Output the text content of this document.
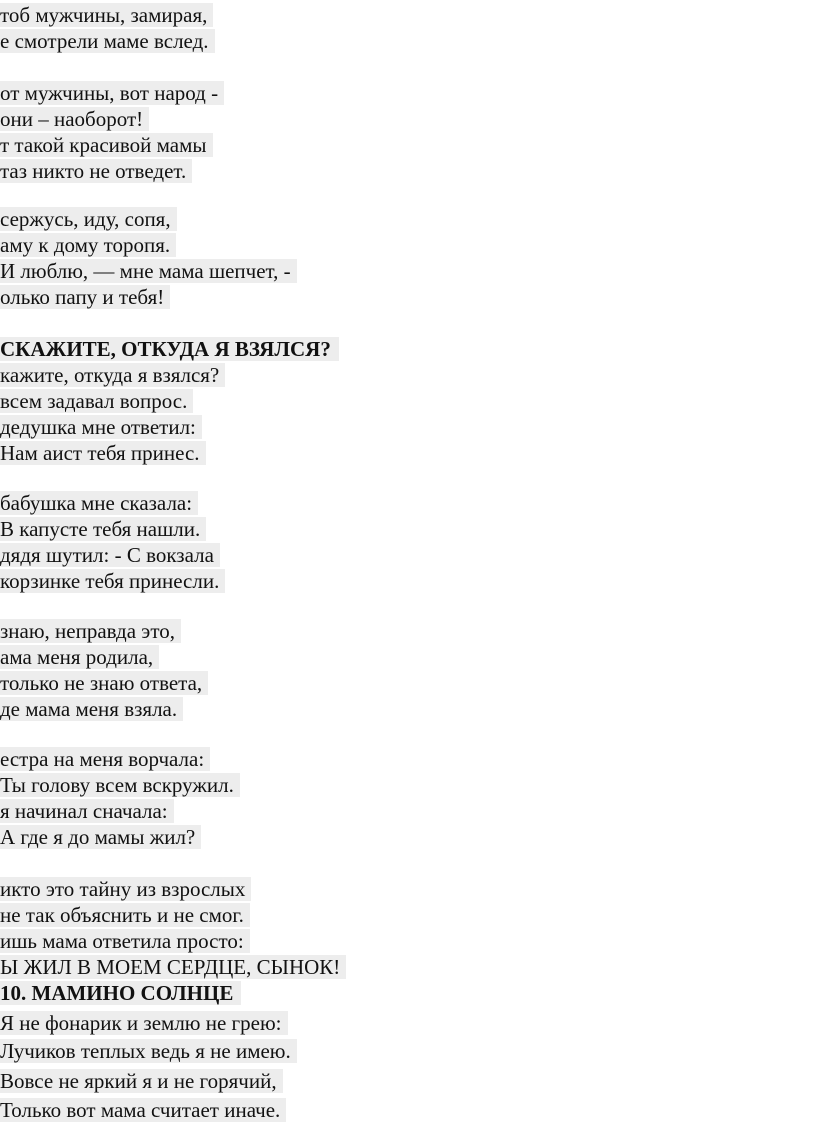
тоб мужчины, замирая,
е смотрели маме вслед.
от мужчины, вот народ -
они – наоборот!
т такой красивой мамы
таз никто не отведет.
сержусь, иду, сопя,
аму к дому торопя.
И люблю, — мне мама шепчет, -
олько папу и тебя!
СКАЖИТЕ, ОТКУДА Я ВЗЯЛСЯ?
кажите, откуда я взялся?
всем задавал вопрос.
дедушка мне ответил:
Нам аист тебя принес.
бабушка мне сказала:
В капусте тебя нашли.
дядя шутил: - С вокзала
корзинке тебя принесли.
знаю, неправда это,
ама меня родила,
только не знаю ответа,
де мама меня взяла.
естра на меня ворчала:
Ты голову всем вскружил.
я начинал сначала:
А где я до мамы жил?
икто это тайну из взрослых
не так объяснить и не смог.
ишь мама ответила просто:
Ы ЖИЛ В МОЕМ СЕРДЦЕ, СЫНОК!
10. МАМИНО СОЛНЦЕ
Я не фонарик и землю не грею:
Лучиков теплых ведь я не имею.
Вовсе не яркий я и не горячий,
Только вот мама считает иначе.
